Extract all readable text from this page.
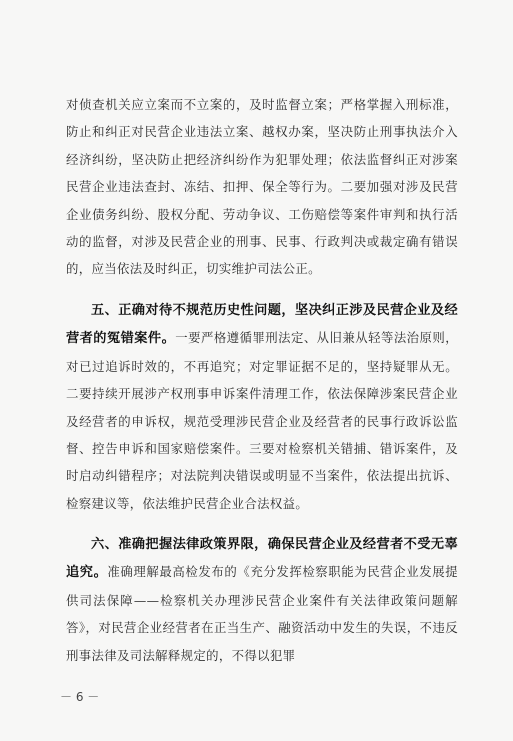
对侦查机关应立案而不立案的，及时监督立案；严格掌握入刑标准，防止和纠正对民营企业违法立案、越权办案，坚决防止刑事执法介入经济纠纷，坚决防止把经济纠纷作为犯罪处理；依法监督纠正对涉案民营企业违法查封、冻结、扣押、保全等行为。二要加强对涉及民营企业债务纠纷、股权分配、劳动争议、工伤赔偿等案件审判和执行活动的监督，对涉及民营企业的刑事、民事、行政判决或裁定确有错误的，应当依法及时纠正，切实维护司法公正。

五、正确对待不规范历史性问题，坚决纠正涉及民营企业及经营者的冤错案件。一要严格遵循罪刑法定、从旧兼从轻等法治原则，对已过追诉时效的，不再追究；对定罪证据不足的，坚持疑罪从无。二要持续开展涉产权刑事申诉案件清理工作，依法保障涉案民营企业及经营者的申诉权，规范受理涉民营企业及经营者的民事行政诉讼监督、控告申诉和国家赔偿案件。三要对检察机关错捕、错诉案件，及时启动纠错程序；对法院判决错误或明显不当案件，依法提出抗诉、检察建议等，依法维护民营企业合法权益。

六、准确把握法律政策界限，确保民营企业及经营者不受无辜追究。准确理解最高检发布的《充分发挥检察职能为民营企业发展提供司法保障——检察机关办理涉民营企业案件有关法律政策问题解答》，对民营企业经营者在正当生产、融资活动中发生的失误，不违反刑事法律及司法解释规定的，不得以犯罪

－ 6 －
